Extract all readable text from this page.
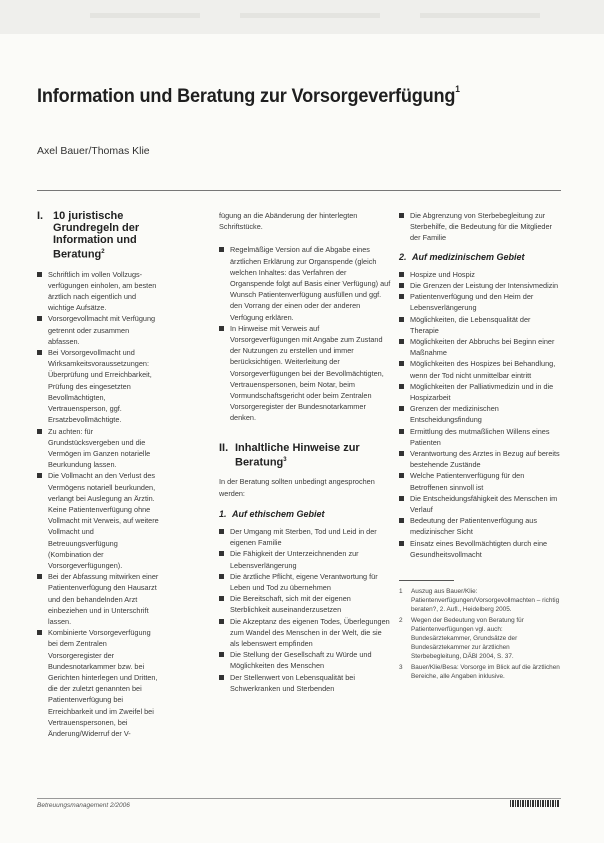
Information und Beratung zur Vorsorgeverfügung$^1$
Axel Bauer/Thomas Klie
I. 10 juristische Grundregeln der Information und Beratung$^2$
Schriftlich im vollen Vollzugs-verfügungen einholen, am besten ärztlich nach eigentlich und wichtige Aufsätze.
Vorsorgevollmacht mit Verfügung getrennt oder zusammen abfassen.
Bei Vorsorgevollmacht und Wirksamkeitsvoraussetzungen: Überprüfung und Erreichbarkeit, Prüfung des eingesetzten Bevollmächtigten, Vertrauensperson, ggf. Ersatzbevollmächtigte.
Zu achten: für Grundstücksvergeben und die Vermögen im Ganzen notarielle Beurkundung lassen.
Die Vollmacht an den Verlust des Vermögens notariell beurkunden, verlangt bei Auslegung an Ärztin. Keine Patientenverfügung ohne Vollmacht mit Verweis, auf weitere Vollmacht und Betreuungsverfügung (Kombination der Vorsorgeverfügungen).
Bei der Abfassung mitwirken einer Patientenverfügung den Hausarzt und den behandelnden Arzt einbeziehen und in Unterschrift lassen.
Kombinierte Vorsorgeverfügung bei dem Zentralen Vorsorgeregister der Bundesnotarkammer bzw. bei Gerichten hinterlegen und Dritten, die der zuletzt genannten bei Patientenverfügung bei Erreichbarkeit und im Zweifel bei Vertrauenspersonen, bei Änderung/Widerruf der V-
fügung an die Abänderung der hinterlegten Schriftstücke.
Regelmäßige Version auf die Abgabe eines ärztlichen Erklärung zur Organspende (gleich welchen Inhaltes: das Verfahren der Organspende folgt auf Basis einer Verfügung) auf Wunsch Patientenverfügung ausfüllen und ggf. den Vorrang der einen oder der anderen Verfügung erklären.
In Hinweise mit Verweis auf Vorsorgeverfügungen mit Angabe zum Zustand der Nutzungen zu erstellen und immer berücksichtigen. Weiterleitung der Vorsorgeverfügungen bei der Bevollmächtigten, Vertrauenspersonen, beim Notar, beim Vormundschaftsgericht oder beim Zentralen Vorsorgeregister der Bundesnotarkammer denken.
II. Inhaltliche Hinweise zur Beratung$^3$
In der Beratung sollten unbedingt angesprochen werden:
1. Auf ethischem Gebiet
Der Umgang mit Sterben, Tod und Leid in der eigenen Familie
Die Fähigkeit der Unterzeichnenden zur Lebensverlängerung
Die ärztliche Pflicht, eigene Verantwortung für Leben und Tod zu übernehmen
Die Bereitschaft, sich mit der eigenen Sterblichkeit auseinanderzusetzen
Die Akzeptanz des eigenen Todes, Überlegungen zum Wandel des Menschen in der Welt, die sie als lebenswert empfinden
Die Stellung der Gesellschaft zu Würde und Möglichkeiten des Menschen
Der Stellenwert von Lebensqualität bei Schwerkranken und Sterbenden
Die Abgrenzung von Sterbebegleitung zur Sterbehilfe, die Bedeutung für die Mitglieder der Familie
2. Auf medizinischem Gebiet
Hospize und Hospiz
Die Grenzen der Leistung der Intensivmedizin
Patientenverfügung und den Heim der Lebensverlängerung
Möglichkeiten, die Lebensqualität der Therapie
Möglichkeiten der Abbruchs bei Beginn einer Maßnahme
Möglichkeiten des Hospizes bei Behandlung, wenn der Tod nicht unmittelbar eintritt
Möglichkeiten der Palliativmedizin und in die Hospizarbeit
Grenzen der medizinischen Entscheidungsfindung
Ermittlung des mutmaßlichen Willens eines Patienten
Verantwortung des Arztes in Bezug auf bereits bestehende Zustände
Welche Patientenverfügung für den Betroffenen sinnvoll ist
Die Entscheidungsfähigkeit des Menschen im Verlauf
Bedeutung der Patientenverfügung aus medizinischer Sicht
Einsatz eines Bevollmächtigten durch eine Gesundheitsvollmacht
1	Auszug aus Bauer/Klie: Patientenverfügungen/Vorsorgevollmachten – richtig beraten?, 2. Aufl., Heidelberg 2005.
2	Wegen der Bedeutung von Beratung für Patientenverfügungen vgl. auch: Bundesärztekammer, Grundsätze der Bundesärztekammer zur ärztlichen Sterbebegleitung, DÄBl 2004, S. 37.
3	Bauer/Klie/Besa: Vorsorge im Blick auf die ärztlichen Bereiche, alle Angaben inklusive.
Betreuungsmanagement 2/2006
